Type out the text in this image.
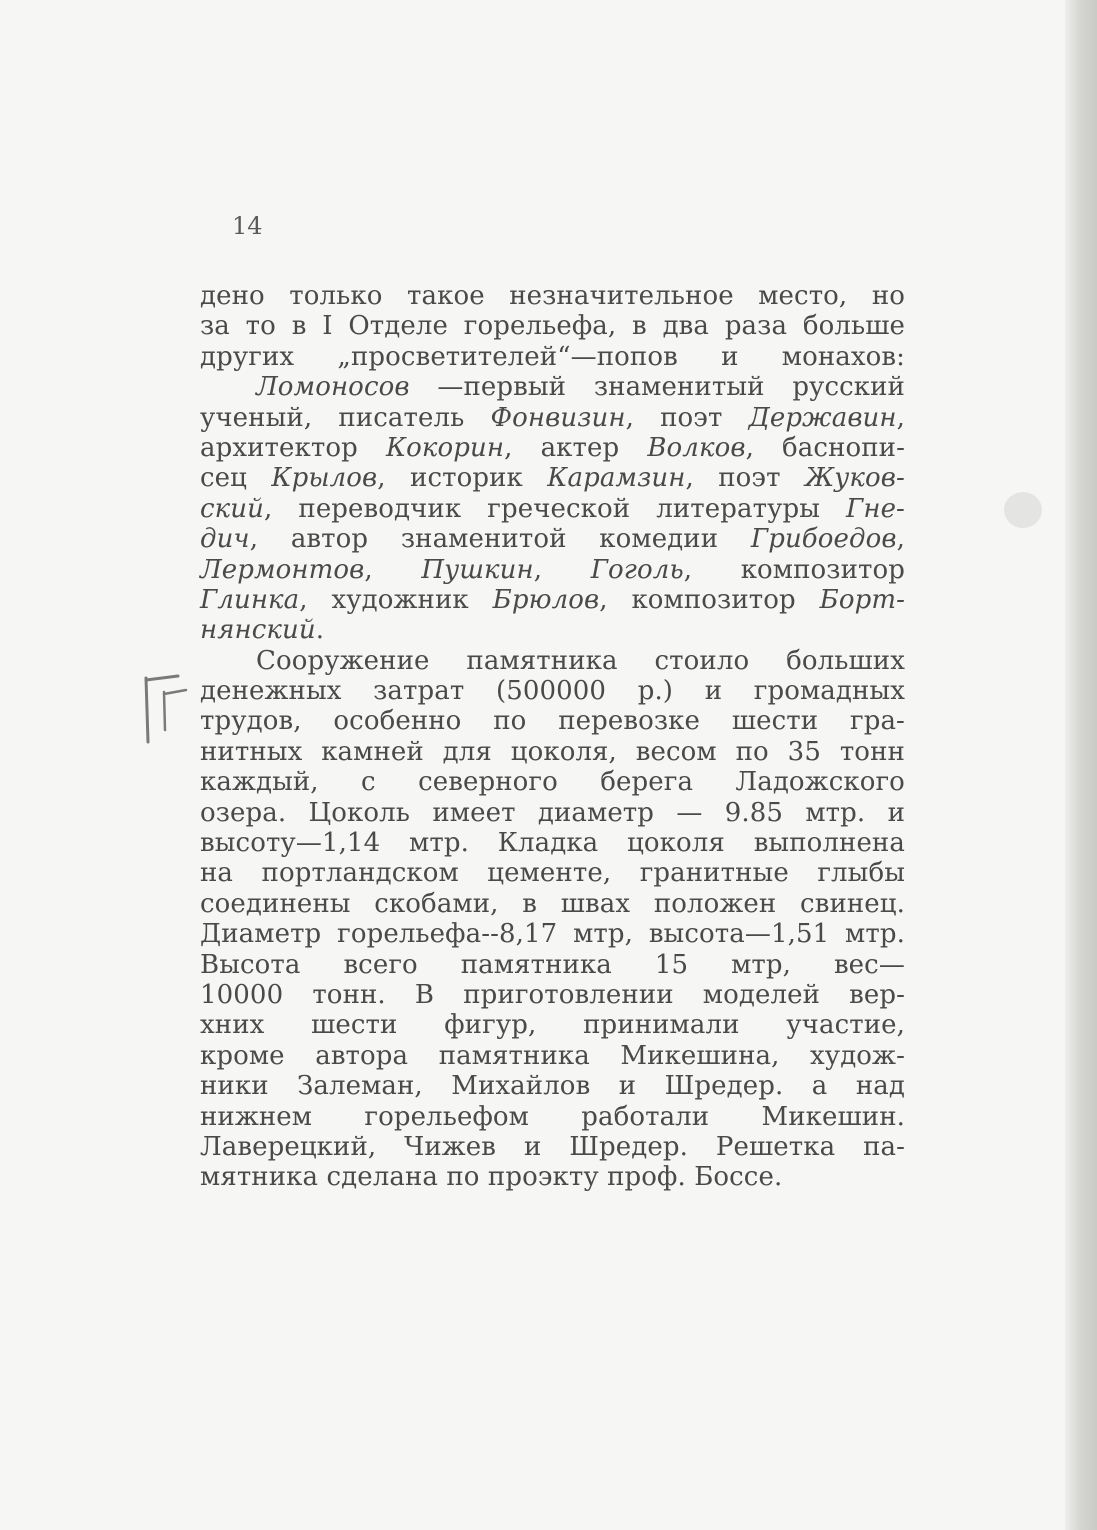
14
дено только такое незначительное место, но
за то в I Отделе горельефа, в два раза больше
других „просветителей“—попов и монахов:
Ломоносов —первый знаменитый русский
ученый, писатель Фонвизин, поэт Державин,
архитектор Кокорин, актер Волков, баснопи-
сец Крылов, историк Карамзин, поэт Жуков-
ский, переводчик греческой литературы Гне-
дич, автор знаменитой комедии Грибоедов,
Лермонтов, Пушкин, Гоголь, композитор
Глинка, художник Брюлов, композитор Борт-
нянский.
Сооружение памятника стоило больших
денежных затрат (500000 р.) и громадных
трудов, особенно по перевозке шести гра-
нитных камней для цоколя, весом по 35 тонн
каждый, с северного берега Ладожского
озера. Цоколь имеет диаметр — 9.85 мтр. и
высоту—1,14 мтр. Кладка цоколя выполнена
на портландском цементе, гранитные глыбы
соединены скобами, в швах положен свинец.
Диаметр горельефа--8,17 мтр, высота—1,51 мтр.
Высота всего памятника 15 мтр, вес—
10000 тонн. В приготовлении моделей вер-
хних шести фигур, принимали участие,
кроме автора памятника Микешина, худож-
ники Залеман, Михайлов и Шредер. а над
нижнем горельефом работали Микешин.
Лаверецкий, Чижев и Шредер. Решетка па-
мятника сделана по проэкту проф. Боссе.
